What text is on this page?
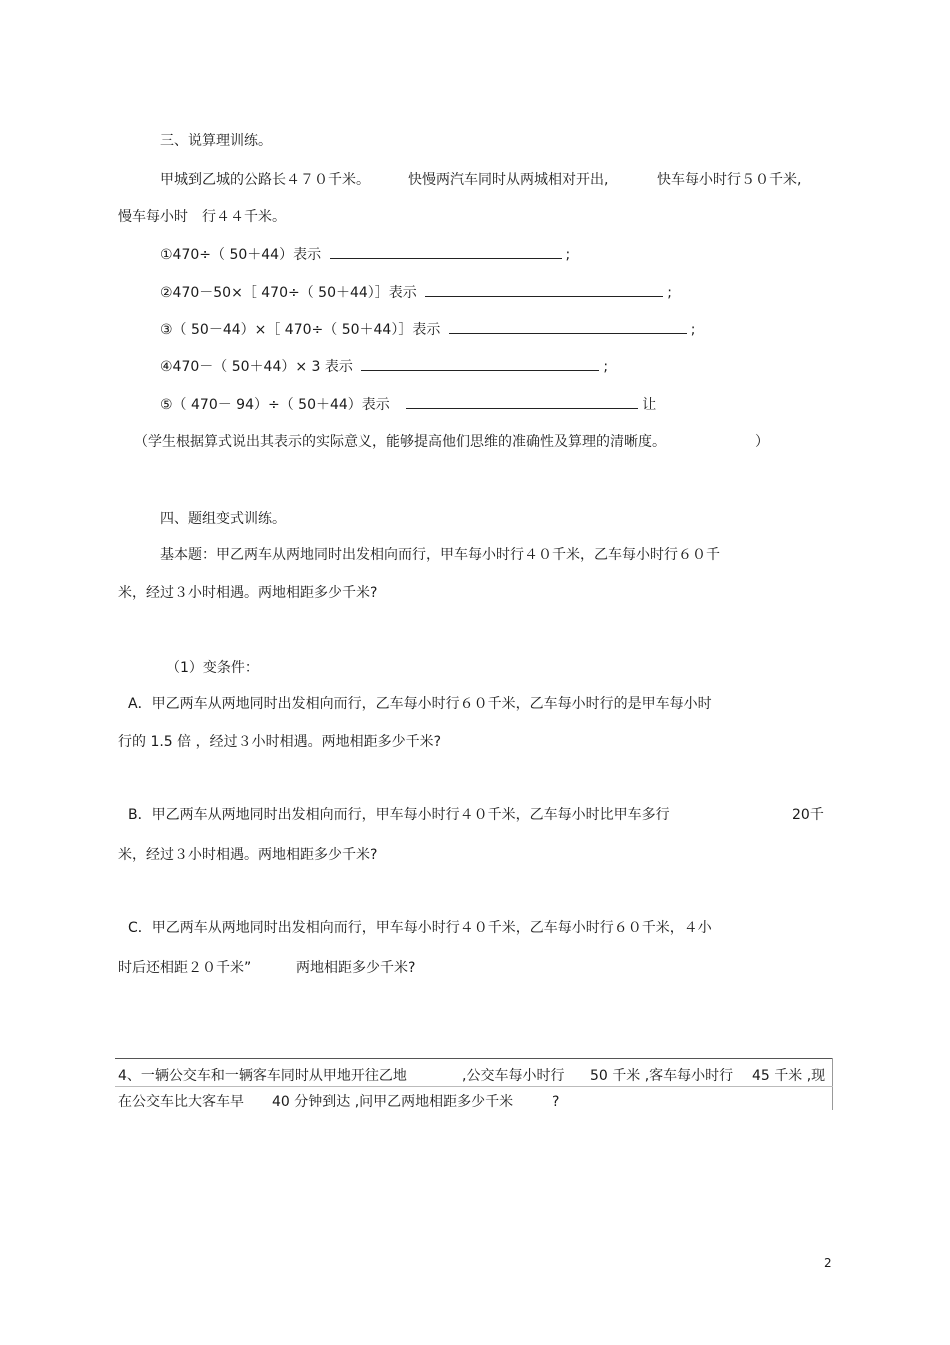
三、说算理训练。
甲城到乙城的公路长４７０千米。	快慢两汽车同时从两城相对开出,	快车每小时行５０千米,
慢车每小时　行４４千米。
①470÷（ 50＋44）表示	;
②470－50×［ 470÷（ 50＋44）］表示	;
③（ 50－44）×［ 470÷（ 50＋44）］表示	;
④470－（ 50＋44）× 3 表示	;
⑤（ 470－ 94）÷（ 50＋44）表示	让
（学生根据算式说出其表示的实际意义，能够提高他们思维的准确性及算理的清晰度。	）
四、题组变式训练。
基本题：甲乙两车从两地同时出发相向而行，甲车每小时行４０千米，乙车每小时行６０千
米，经过３小时相遇。两地相距多少千米?
（1）变条件：
A．甲乙两车从两地同时出发相向而行，乙车每小时行６０千米，乙车每小时行的是甲车每小时
行的 1.5 倍 ，经过３小时相遇。两地相距多少千米?
B．甲乙两车从两地同时出发相向而行，甲车每小时行４０千米，乙车每小时比甲车多行	20千
米，经过３小时相遇。两地相距多少千米?
C．甲乙两车从两地同时出发相向而行，甲车每小时行４０千米，乙车每小时行６０千米，４小
时后还相距２０千米”	两地相距多少千米?
4、一辆公交车和一辆客车同时从甲地开往乙地	,公交车每小时行 50 千米 ,客车每小时行 45 千米 ,现
在公交车比大客车早 40 分钟到达 ,问甲乙两地相距多少千米	?
2
